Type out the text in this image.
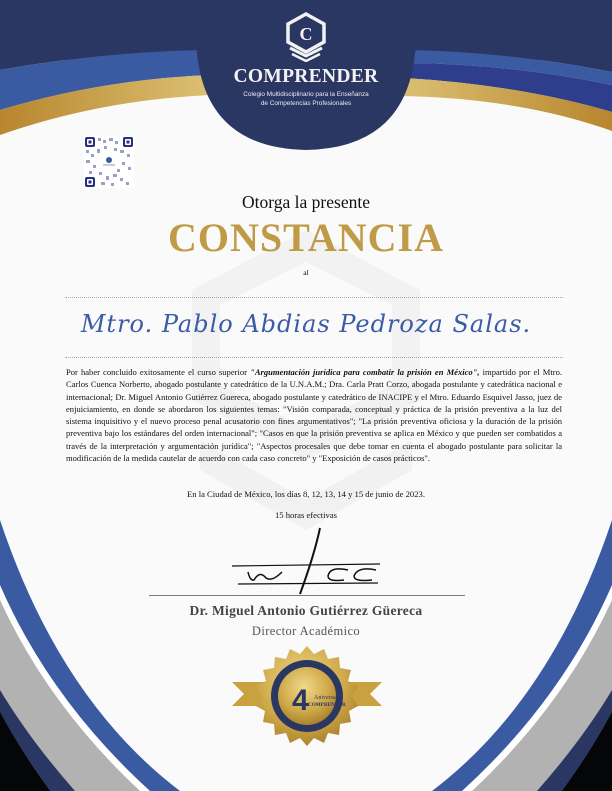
C
COMPRENDER
Colegio Multidisciplinario para la Enseñanza
de Competencias Profesionales
Otorga la presente
CONSTANCIA
al
Mtro. Pablo Abdias Pedroza Salas.
Por haber concluido exitosamente el curso superior "Argumentación jurídica para combatir la prisión en México", impartido por el Mtro. Carlos Cuenca Norberto, abogado postulante y catedrático de la U.N.A.M.; Dra. Carla Pratt Corzo, abogada postulante y catedrática nacional e internacional; Dr. Miguel Antonio Gutiérrez Guereca, abogado postulante y catedrático de INACIPE y el Mtro. Eduardo Esquivel Jasso, juez de enjuiciamiento, en donde se abordaron los siguientes temas: "Visión comparada, conceptual y práctica de la prisión preventiva a la luz del sistema inquisitivo y el nuevo proceso penal acusatorio con fines argumentativos"; "La prisión preventiva oficiosa y la duración de la prisión preventiva bajo los estándares del orden internacional"; "Casos en que la prisión preventiva se aplica en México y que pueden ser combatidos a través de la interpretación y argumentación jurídica"; "Aspectos procesales que debe tomar en cuenta el abogado postulante para solicitar la modificación de la medida cautelar de acuerdo con cada caso concreto" y "Exposición de casos prácticos".
En la Ciudad de México, los días 8, 12, 13, 14 y 15 de junio de 2023.
15 horas efectivas
Dr. Miguel Antonio Gutiérrez Güereca
Director Académico
4 Aniversario
COMPRENDER
